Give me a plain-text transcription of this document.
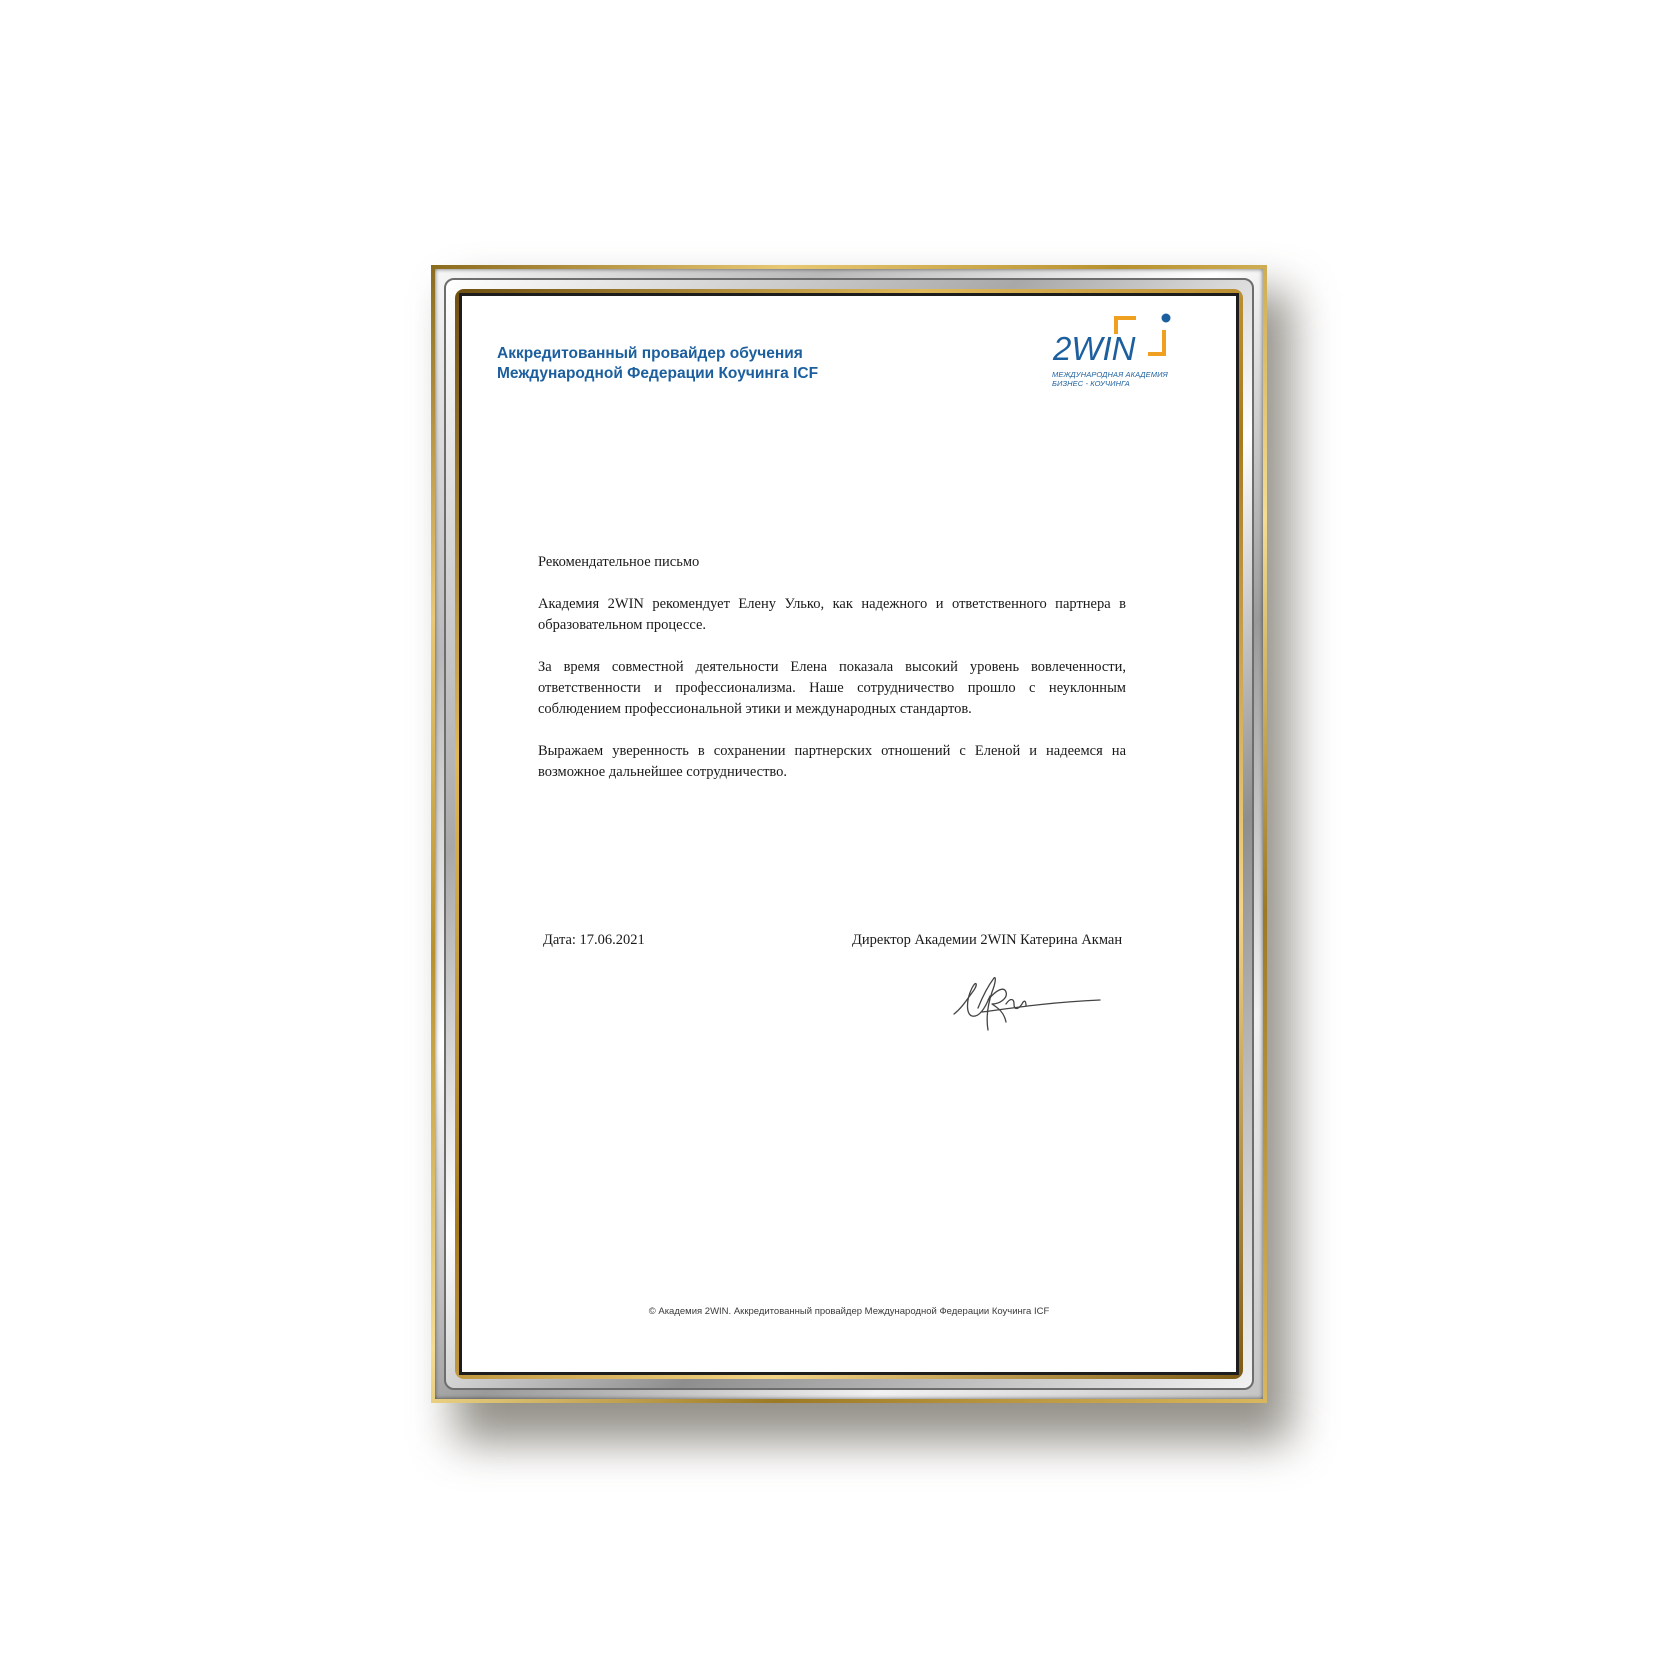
Аккредитованный провайдер обучения
Международной Федерации Коучинга ICF
2WIN
МЕЖДУНАРОДНАЯ АКАДЕМИЯ
БИЗНЕС - КОУЧИНГА
Рекомендательное письмо
Академия 2WIN рекомендует Елену Улько, как надежного и ответственного партнера в образовательном процессе.
За время совместной деятельности Елена показала высокий уровень вовлеченности, ответственности и профессионализма. Наше сотрудничество прошло с неуклонным соблюдением профессиональной этики и международных стандартов.
Выражаем уверенность в сохранении партнерских отношений с Еленой и надеемся на возможное дальнейшее сотрудничество.
Дата: 17.06.2021	Директор Академии 2WIN Катерина Акман
© Академия 2WIN. Аккредитованный провайдер Международной Федерации Коучинга ICF
